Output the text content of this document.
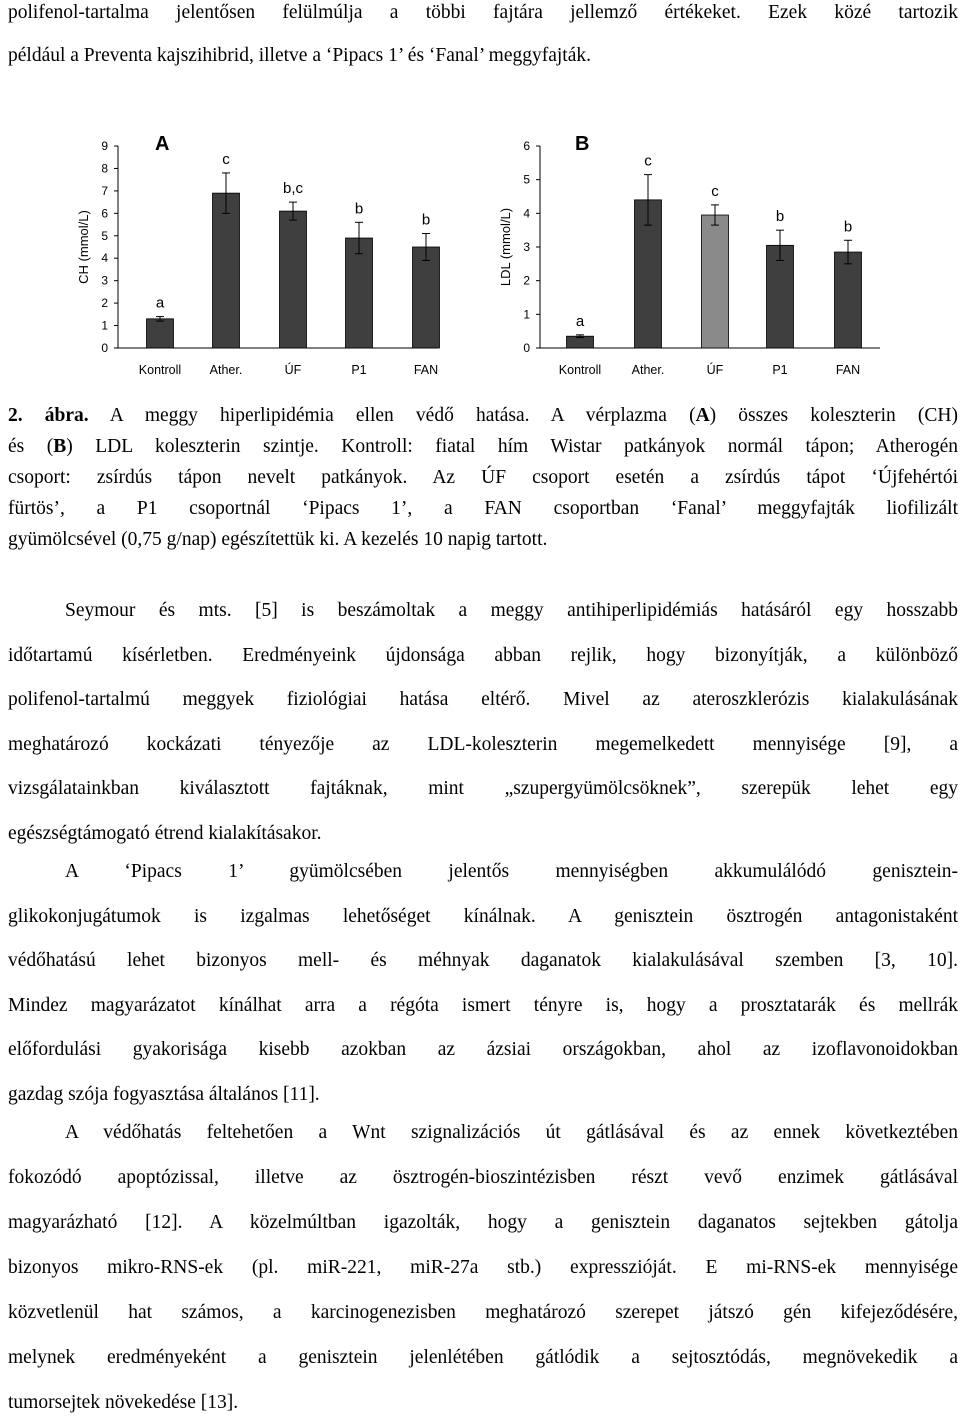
polifenol-tartalma jelentősen felülmúlja a többi fajtára jellemző értékeket. Ezek közé tartozik
például a Preventa kajszihibrid, illetve a ‘Pipacs 1’ és ‘Fanal’ meggyfajták.
0
1
2
3
4
5
6
7
8
9
CH (mmol/L)
A
a
Kontroll
c
Ather.
b,c
ÚF
b
P1
b
FAN
0
1
2
3
4
5
6
LDL (mmol/L)
B
a
Kontroll
c
Ather.
c
ÚF
b
P1
b
FAN

2. ábra. A meggy hiperlipidémia ellen védő hatása. A vérplazma (A) összes koleszterin (CH)

és (B) LDL koleszterin szintje. Kontroll: fiatal hím Wistar patkányok normál tápon; Atherogén

csoport: zsírdús tápon nevelt patkányok. Az ÚF csoport esetén a zsírdús tápot ‘Újfehértói

fürtös’, a P1 csoportnál ‘Pipacs 1’, a FAN csoportban ‘Fanal’ meggyfajták liofilizált

gyümölcsével (0,75 g/nap) egészítettük ki. A kezelés 10 napig tartott.

Seymour és mts. [5] is beszámoltak a meggy antihiperlipidémiás hatásáról egy hosszabb

időtartamú kísérletben. Eredményeink újdonsága abban rejlik, hogy bizonyítják, a különböző

polifenol-tartalmú meggyek fiziológiai hatása eltérő. Mivel az ateroszklerózis kialakulásának

meghatározó kockázati tényezője az LDL-koleszterin megemelkedett mennyisége [9], a

vizsgálatainkban kiválasztott fajtáknak, mint „szupergyümölcsöknek”, szerepük lehet egy

egészségtámogató étrend kialakításakor.

A ‘Pipacs 1’ gyümölcsében jelentős mennyiségben akkumulálódó genisztein-

glikokonjugátumok is izgalmas lehetőséget kínálnak. A genisztein ösztrogén antagonistaként

védőhatású lehet bizonyos mell- és méhnyak daganatok kialakulásával szemben [3, 10].

Mindez magyarázatot kínálhat arra a régóta ismert tényre is, hogy a prosztatarák és mellrák

előfordulási gyakorisága kisebb azokban az ázsiai országokban, ahol az izoflavonoidokban

gazdag szója fogyasztása általános [11].

A védőhatás feltehetően a Wnt szignalizációs út gátlásával és az ennek következtében

fokozódó apoptózissal, illetve az ösztrogén-bioszintézisben részt vevő enzimek gátlásával

magyarázható [12]. A közelmúltban igazolták, hogy a genisztein daganatos sejtekben gátolja

bizonyos mikro-RNS-ek (pl. miR-221, miR-27a stb.) expresszióját. E mi-RNS-ek mennyisége

közvetlenül hat számos, a karcinogenezisben meghatározó szerepet játszó gén kifejeződésére,

melynek eredményeként a genisztein jelenlétében gátlódik a sejtosztódás, megnövekedik a

tumorsejtek növekedése [13].
